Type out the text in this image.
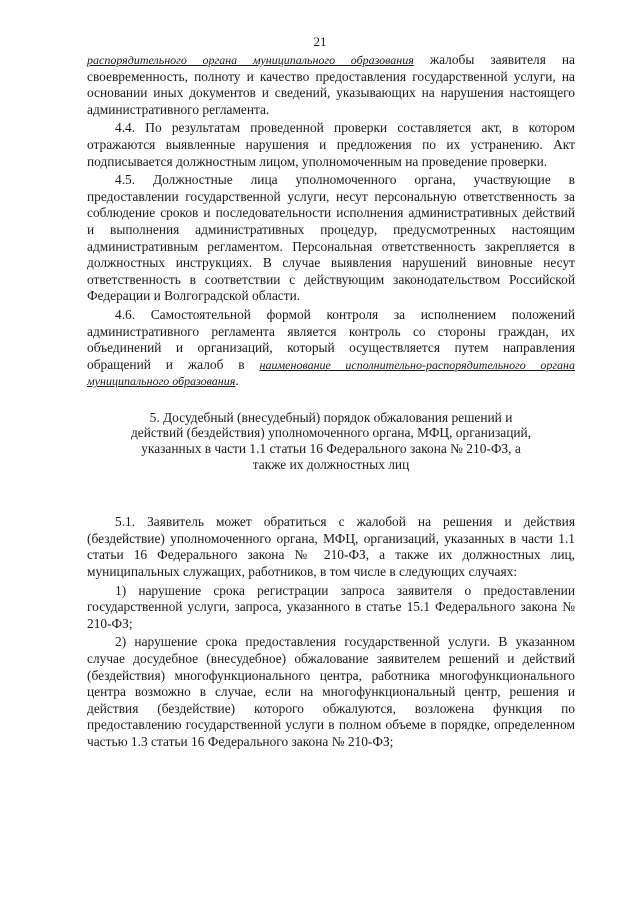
21

распорядительного органа муниципального образования жалобы заявителя на своевременность, полноту и качество предоставления государственной услуги, на основании иных документов и сведений, указывающих на нарушения настоящего административного регламента.

4.4. По результатам проведенной проверки составляется акт, в котором отражаются выявленные нарушения и предложения по их устранению. Акт подписывается должностным лицом, уполномоченным на проведение проверки.

4.5. Должностные лица уполномоченного органа, участвующие в предоставлении государственной услуги, несут персональную ответственность за соблюдение сроков и последовательности исполнения административных действий и выполнения административных процедур, предусмотренных настоящим административным регламентом. Персональная ответственность закрепляется в должностных инструкциях. В случае выявления нарушений виновные несут ответственность в соответствии с действующим законодательством Российской Федерации и Волгоградской области.

4.6. Самостоятельной формой контроля за исполнением положений административного регламента является контроль со стороны граждан, их объединений и организаций, который осуществляется путем направления обращений и жалоб в наименование исполнительно-распорядительного органа муниципального образования.

5. Досудебный (внесудебный) порядок обжалования решений и действий (бездействия) уполномоченного органа, МФЦ, организаций, указанных в части 1.1 статьи 16 Федерального закона № 210-ФЗ, а также их должностных лиц

5.1. Заявитель может обратиться с жалобой на решения и действия (бездействие) уполномоченного органа, МФЦ, организаций, указанных в части 1.1 статьи 16 Федерального закона № 210-ФЗ, а также их должностных лиц, муниципальных служащих, работников, в том числе в следующих случаях:

1) нарушение срока регистрации запроса заявителя о предоставлении государственной услуги, запроса, указанного в статье 15.1 Федерального закона № 210-ФЗ;

2) нарушение срока предоставления государственной услуги. В указанном случае досудебное (внесудебное) обжалование заявителем решений и действий (бездействия) многофункционального центра, работника многофункционального центра возможно в случае, если на многофункциональный центр, решения и действия (бездействие) которого обжалуются, возложена функция по предоставлению государственной услуги в полном объеме в порядке, определенном частью 1.3 статьи 16 Федерального закона № 210-ФЗ;
